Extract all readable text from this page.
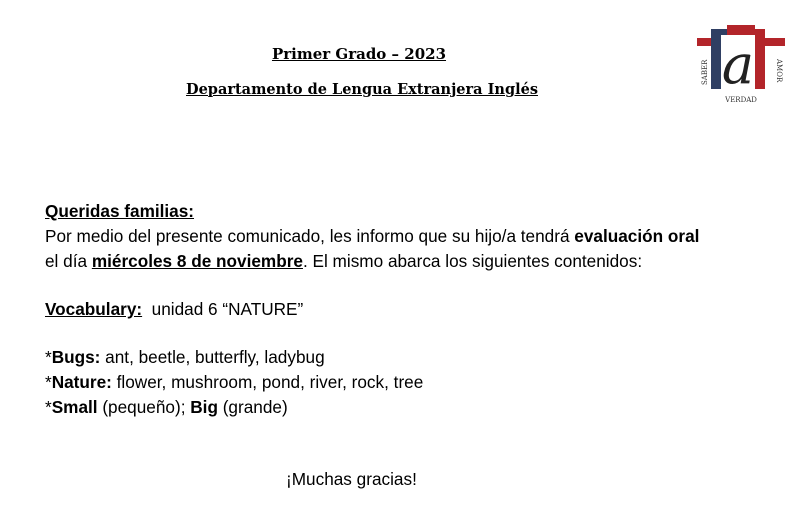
Primer Grado – 2023
Departamento de Lengua Extranjera Inglés	a
SABER	AMOR
VERDAD
Queridas familias:
Por medio del presente comunicado, les informo que su hijo/a tendrá evaluación oral
el día miércoles 8 de noviembre. El mismo abarca los siguientes contenidos:
Vocabulary:  unidad 6 “NATURE”
*Bugs: ant, beetle, butterfly, ladybug
*Nature: flower, mushroom, pond, river, rock, tree
*Small (pequeño); Big (grande)
¡Muchas gracias!
